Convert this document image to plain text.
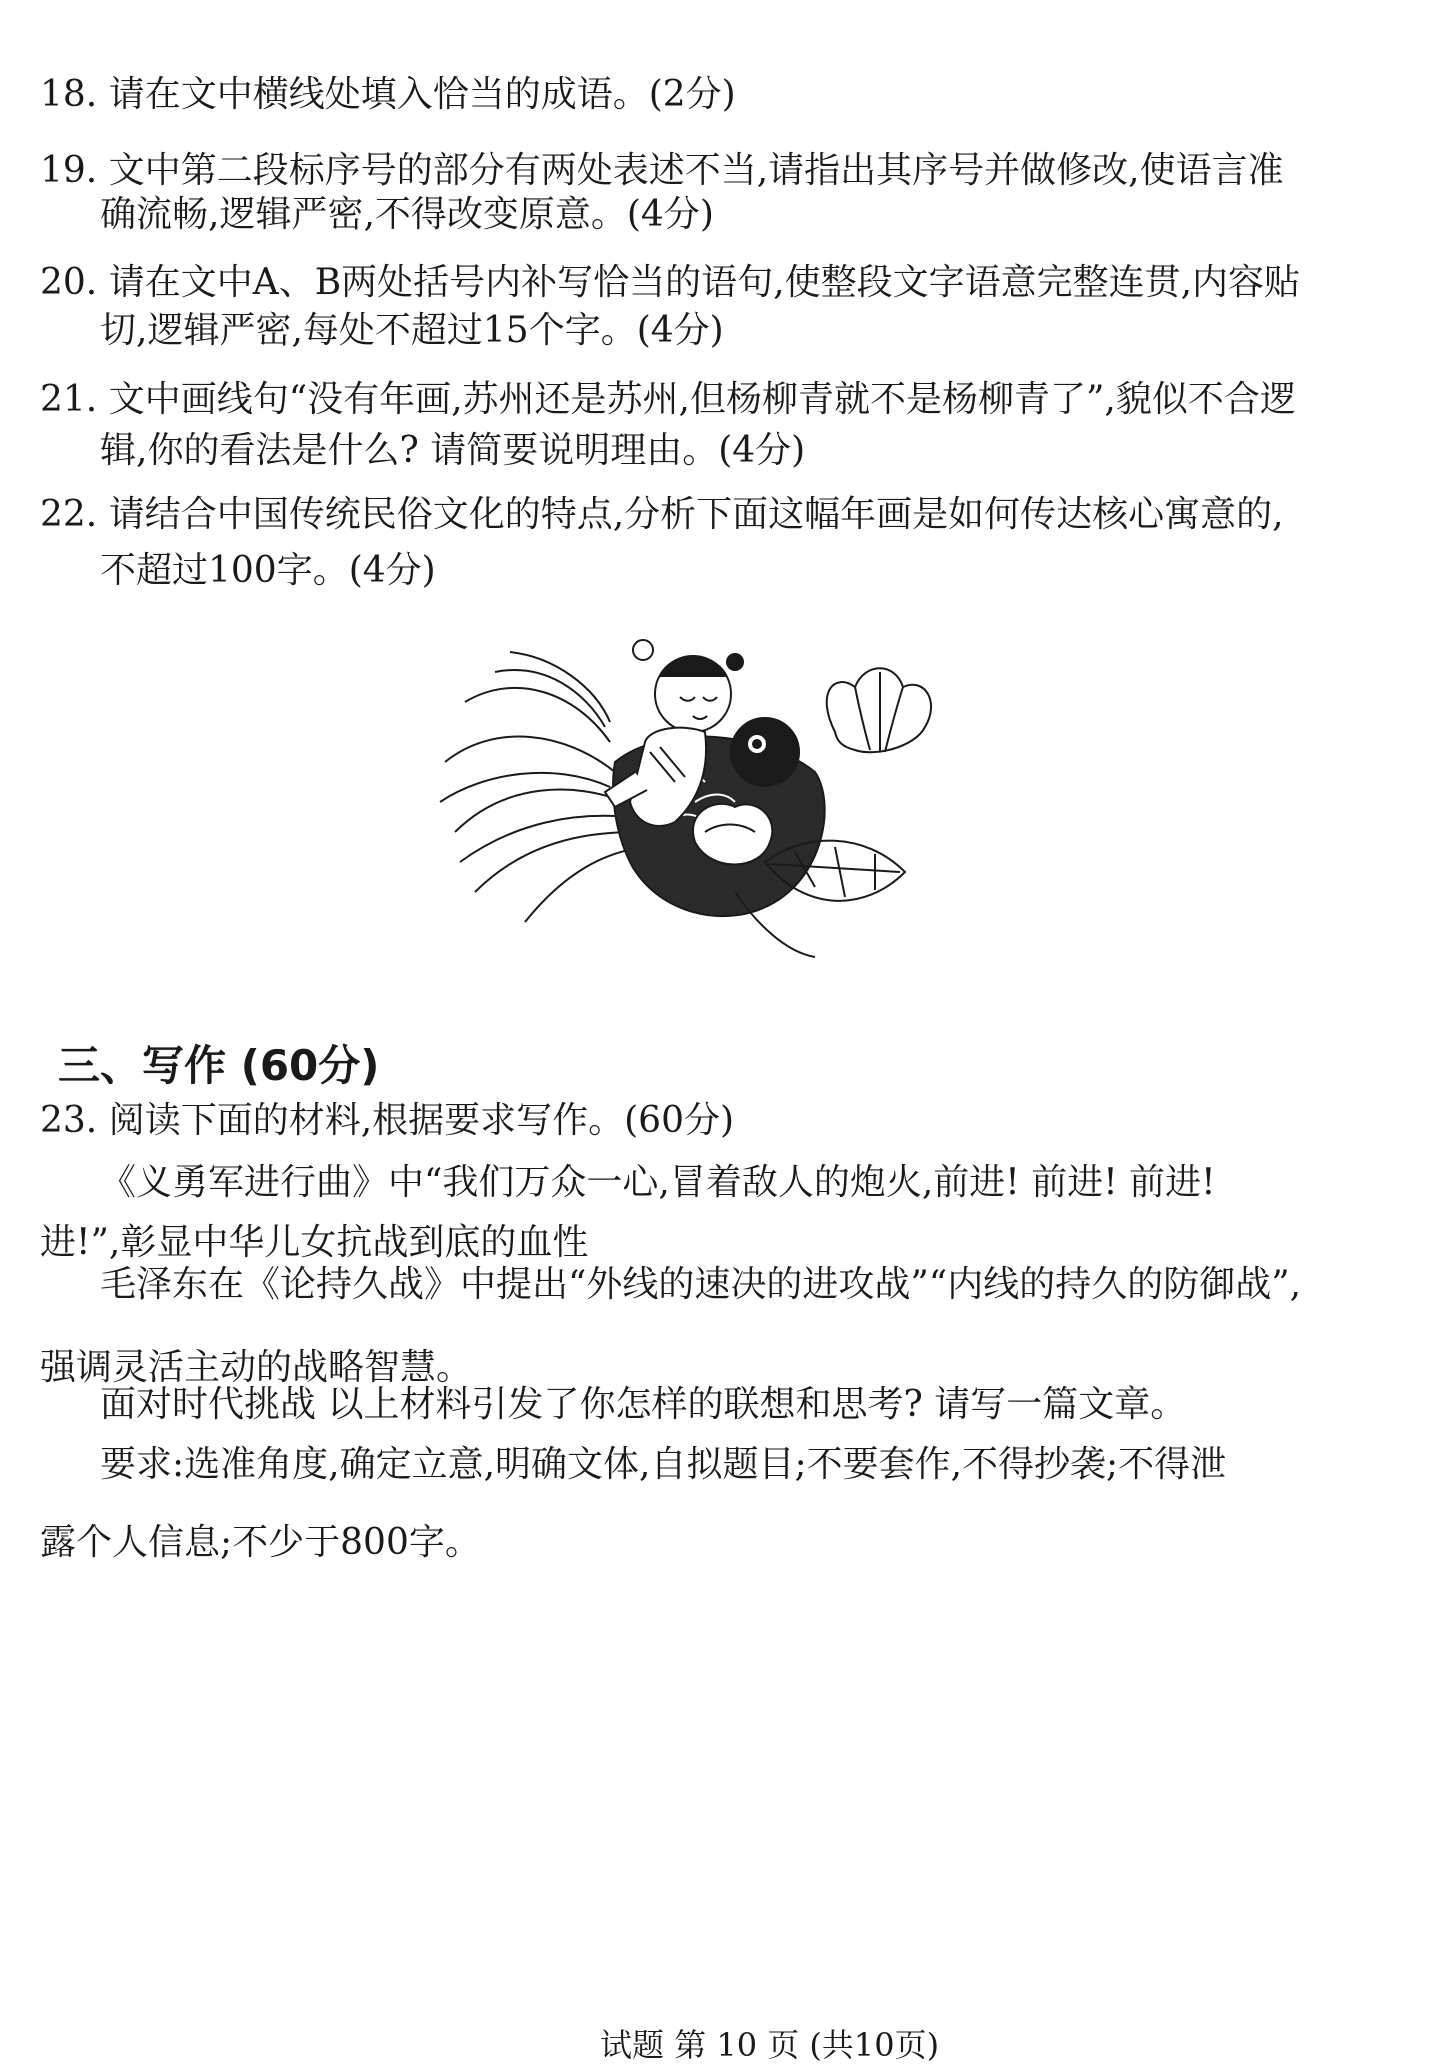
18. 请在文中横线处填入恰当的成语。(2分)
19. 文中第二段标序号的部分有两处表述不当,请指出其序号并做修改,使语言准
确流畅,逻辑严密,不得改变原意。(4分)
20. 请在文中A、B两处括号内补写恰当的语句,使整段文字语意完整连贯,内容贴
切,逻辑严密,每处不超过15个字。(4分)
21. 文中画线句“没有年画,苏州还是苏州,但杨柳青就不是杨柳青了”,貌似不合逻
辑,你的看法是什么? 请简要说明理由。(4分)
22. 请结合中国传统民俗文化的特点,分析下面这幅年画是如何传达核心寓意的,
不超过100字。(4分)
三、写作 (60分)
23. 阅读下面的材料,根据要求写作。(60分)
《义勇军进行曲》中“我们万众一心,冒着敌人的炮火,前进! 前进! 前进!
进!”,彰显中华儿女抗战到底的血性
毛泽东在《论持久战》中提出“外线的速决的进攻战”“内线的持久的防御战”,
强调灵活主动的战略智慧。
面对时代挑战 以上材料引发了你怎样的联想和思考? 请写一篇文章。
要求:选准角度,确定立意,明确文体,自拟题目;不要套作,不得抄袭;不得泄
露个人信息;不少于800字。
试题 第 10 页 (共10页)
